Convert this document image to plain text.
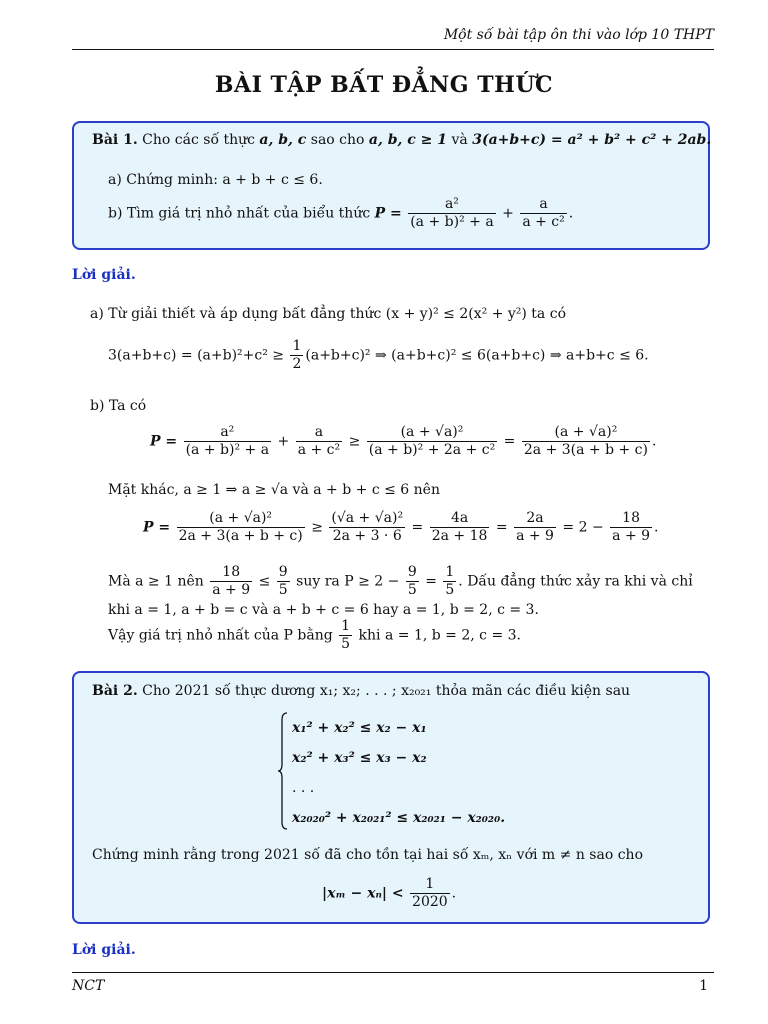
Một số bài tập ôn thi vào lớp 10 THPT
BÀI TẬP BẤT ĐẲNG THỨC
Bài 1. Cho các số thực a, b, c sao cho a, b, c ≥ 1 và 3(a+b+c) = a² + b² + c² + 2ab.
a) Chứng minh: a + b + c ≤ 6.
b) Tìm giá trị nhỏ nhất của biểu thức $P = \frac{\text{a²}}{\text{(a + b)² + a}} + \frac{a}{\text{a + c²}}$ .
Lời giải.
a) Từ giải thiết và áp dụng bất đẳng thức (x + y)² ≤ 2(x² + y²) ta có
$3(a+b+c) = (a+b)^2+c^2 \ge \frac{1}{2} (a+b+c)^2$ ⇒ (a+b+c)² ≤ 6(a+b+c) ⇒ a+b+c ≤ 6.
b) Ta có
$P = \frac{\text{a²}}{\text{(a + b)² + a}} + \frac{a}{\text{a + c²}} \ge \frac{\text{(a + √a)²}}{\text{(a + b)² + 2a + c²}} = \frac{\text{(a + √a)²}}{2a + 3(a + b + c)}$ .
Mặt khác, a ≥ 1 ⇒ a ≥ √a và a + b + c ≤ 6 nên
$P = \frac{\text{(a + √a)²}}{2a + 3(a + b + c)} \ge \frac{\text{(√a + √a)²}}{2a + 3 \cdot 6} = \frac{4a}{2a + 18} = \frac{2a}{a + 9} = 2 - \frac{18}{a + 9}$ .
Mà a ≥ 1 nên $\frac{18}{a + 9} \le \frac{9}{5}$ suy ra $P \ge 2 - \frac{9}{5} = \frac{1}{5}$ . Dấu đẳng thức xảy ra khi và chỉ
khi a = 1, a + b = c và a + b + c = 6 hay a = 1, b = 2, c = 3.
Vậy giá trị nhỏ nhất của P bằng $\frac{1}{5}$ khi a = 1, b = 2, c = 3.
Bài 2. Cho 2021 số thực dương x₁; x₂; . . . ; x₂₀₂₁ thỏa mãn các điều kiện sau
x₁² + x₂² ≤ x₂ − x₁
x₂² + x₃² ≤ x₃ − x₂
. . .
x₂₀₂₀² + x₂₀₂₁² ≤ x₂₀₂₁ − x₂₀₂₀.
Chứng minh rằng trong 2021 số đã cho tồn tại hai số xₘ, xₙ với m ≠ n sao cho
$|x_m - x_n| < \frac{1}{2020}$ .
Lời giải.
NCT	1
